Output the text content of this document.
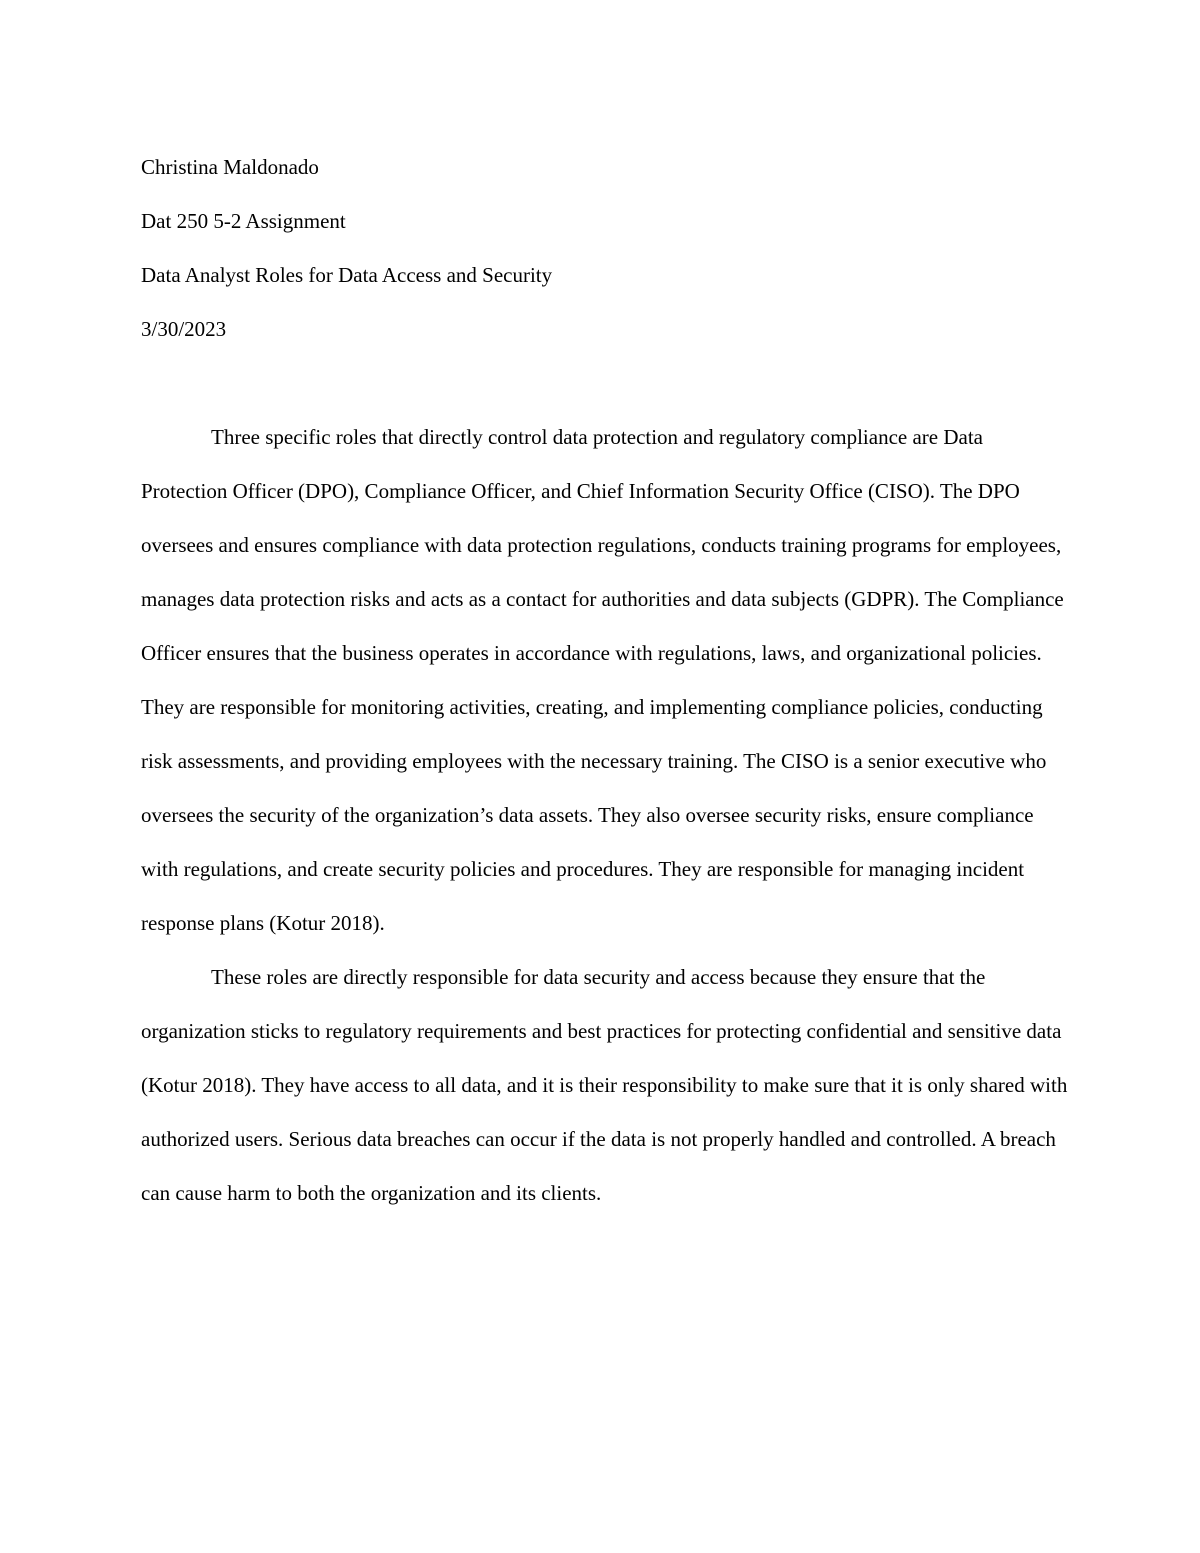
Christina Maldonado

Dat 250 5-2 Assignment

Data Analyst Roles for Data Access and Security

3/30/2023

Three specific roles that directly control data protection and regulatory compliance are Data Protection Officer (DPO), Compliance Officer, and Chief Information Security Office (CISO). The DPO oversees and ensures compliance with data protection regulations, conducts training programs for employees, manages data protection risks and acts as a contact for authorities and data subjects (GDPR). The Compliance Officer ensures that the business operates in accordance with regulations, laws, and organizational policies. They are responsible for monitoring activities, creating, and implementing compliance policies, conducting risk assessments, and providing employees with the necessary training. The CISO is a senior executive who oversees the security of the organization’s data assets. They also oversee security risks, ensure compliance with regulations, and create security policies and procedures. They are responsible for managing incident response plans (Kotur 2018).

These roles are directly responsible for data security and access because they ensure that the organization sticks to regulatory requirements and best practices for protecting confidential and sensitive data (Kotur 2018). They have access to all data, and it is their responsibility to make sure that it is only shared with authorized users. Serious data breaches can occur if the data is not properly handled and controlled. A breach can cause harm to both the organization and its clients.
